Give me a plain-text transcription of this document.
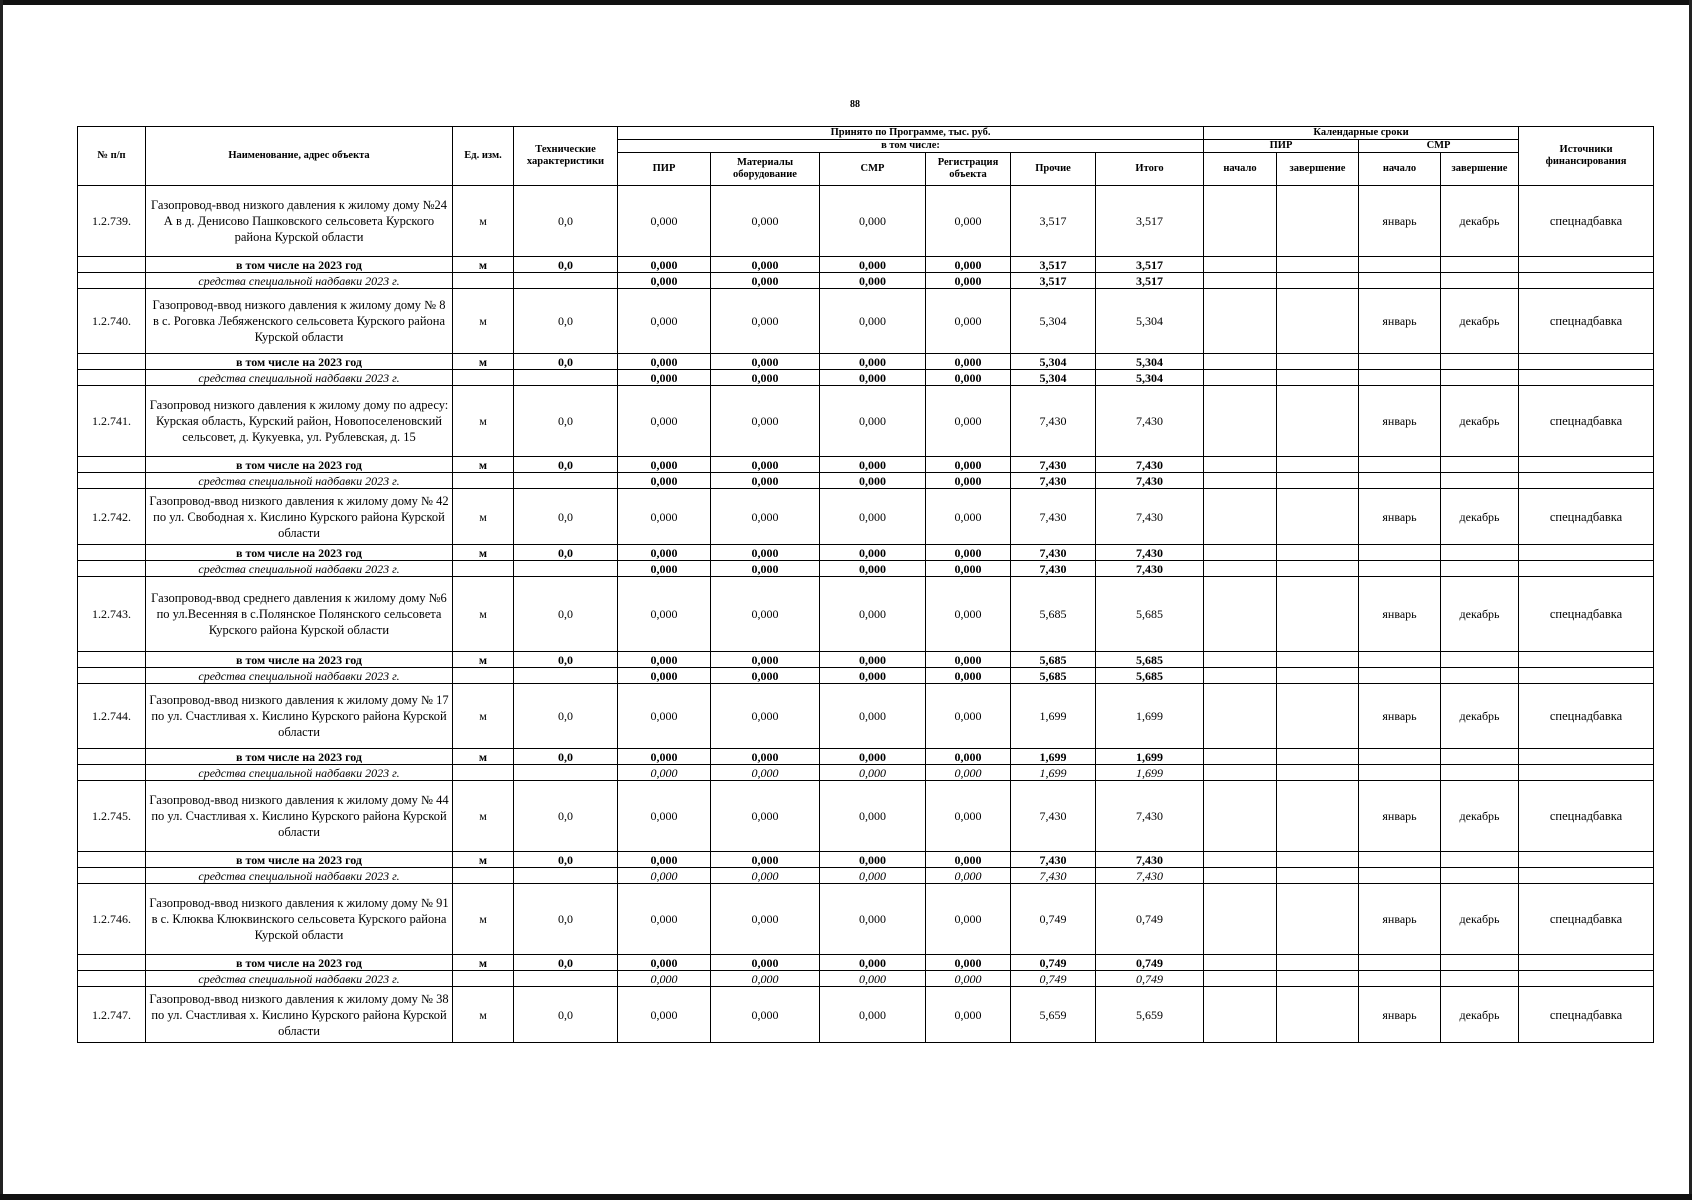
88
№ п/п	Наименование, адрес объекта	Ед. изм.	Технические характеристики	Принято по Программе, тыс. руб.						Календарные сроки				Источники финансирования
				в том числе:						ПИР		СМР		
				ПИР	Материалы оборудование	СМР	Регистрация объекта	Прочие	Итого	начало	завершение	начало	завершение	
1.2.739.	Газопровод-ввод низкого давления к жилому дому №24 А в д. Денисово Пашковского сельсовета Курского района Курской области	м	0,0	0,000	0,000	0,000	0,000	3,517	3,517			январь	декабрь	спецнадбавка
	в том числе на 2023 год	м	0,0	0,000	0,000	0,000	0,000	3,517	3,517					
	средства специальной надбавки 2023 г.			0,000	0,000	0,000	0,000	3,517	3,517					
1.2.740.	Газопровод-ввод низкого давления к жилому дому № 8 в с. Роговка Лебяженского сельсовета Курского района Курской области	м	0,0	0,000	0,000	0,000	0,000	5,304	5,304			январь	декабрь	спецнадбавка
	в том числе на 2023 год	м	0,0	0,000	0,000	0,000	0,000	5,304	5,304					
	средства специальной надбавки 2023 г.			0,000	0,000	0,000	0,000	5,304	5,304					
1.2.741.	Газопровод низкого давления к жилому дому по адресу: Курская область, Курский район, Новопоселеновский сельсовет, д. Кукуевка, ул. Рублевская, д. 15	м	0,0	0,000	0,000	0,000	0,000	7,430	7,430			январь	декабрь	спецнадбавка
	в том числе на 2023 год	м	0,0	0,000	0,000	0,000	0,000	7,430	7,430					
	средства специальной надбавки 2023 г.			0,000	0,000	0,000	0,000	7,430	7,430					
1.2.742.	Газопровод-ввод низкого давления к жилому дому № 42 по ул. Свободная х. Кислино Курского района Курской области	м	0,0	0,000	0,000	0,000	0,000	7,430	7,430			январь	декабрь	спецнадбавка
	в том числе на 2023 год	м	0,0	0,000	0,000	0,000	0,000	7,430	7,430					
	средства специальной надбавки 2023 г.			0,000	0,000	0,000	0,000	7,430	7,430					
1.2.743.	Газопровод-ввод среднего давления к жилому дому №6 по ул.Весенняя в с.Полянское Полянского сельсовета Курского района Курской области	м	0,0	0,000	0,000	0,000	0,000	5,685	5,685			январь	декабрь	спецнадбавка
	в том числе на 2023 год	м	0,0	0,000	0,000	0,000	0,000	5,685	5,685					
	средства специальной надбавки 2023 г.			0,000	0,000	0,000	0,000	5,685	5,685					
1.2.744.	Газопровод-ввод низкого давления к жилому дому № 17 по ул. Счастливая х. Кислино Курского района Курской области	м	0,0	0,000	0,000	0,000	0,000	1,699	1,699			январь	декабрь	спецнадбавка
	в том числе на 2023 год	м	0,0	0,000	0,000	0,000	0,000	1,699	1,699					
	средства специальной надбавки 2023 г.			0,000	0,000	0,000	0,000	1,699	1,699					
1.2.745.	Газопровод-ввод низкого давления к жилому дому № 44 по ул. Счастливая х. Кислино Курского района Курской области	м	0,0	0,000	0,000	0,000	0,000	7,430	7,430			январь	декабрь	спецнадбавка
	в том числе на 2023 год	м	0,0	0,000	0,000	0,000	0,000	7,430	7,430					
	средства специальной надбавки 2023 г.			0,000	0,000	0,000	0,000	7,430	7,430					
1.2.746.	Газопровод-ввод низкого давления к жилому дому № 91 в с. Клюква Клюквинского сельсовета Курского района Курской области	м	0,0	0,000	0,000	0,000	0,000	0,749	0,749			январь	декабрь	спецнадбавка
	в том числе на 2023 год	м	0,0	0,000	0,000	0,000	0,000	0,749	0,749					
	средства специальной надбавки 2023 г.			0,000	0,000	0,000	0,000	0,749	0,749					
1.2.747.	Газопровод-ввод низкого давления к жилому дому № 38 по ул. Счастливая х. Кислино Курского района Курской области	м	0,0	0,000	0,000	0,000	0,000	5,659	5,659			январь	декабрь	спецнадбавка
